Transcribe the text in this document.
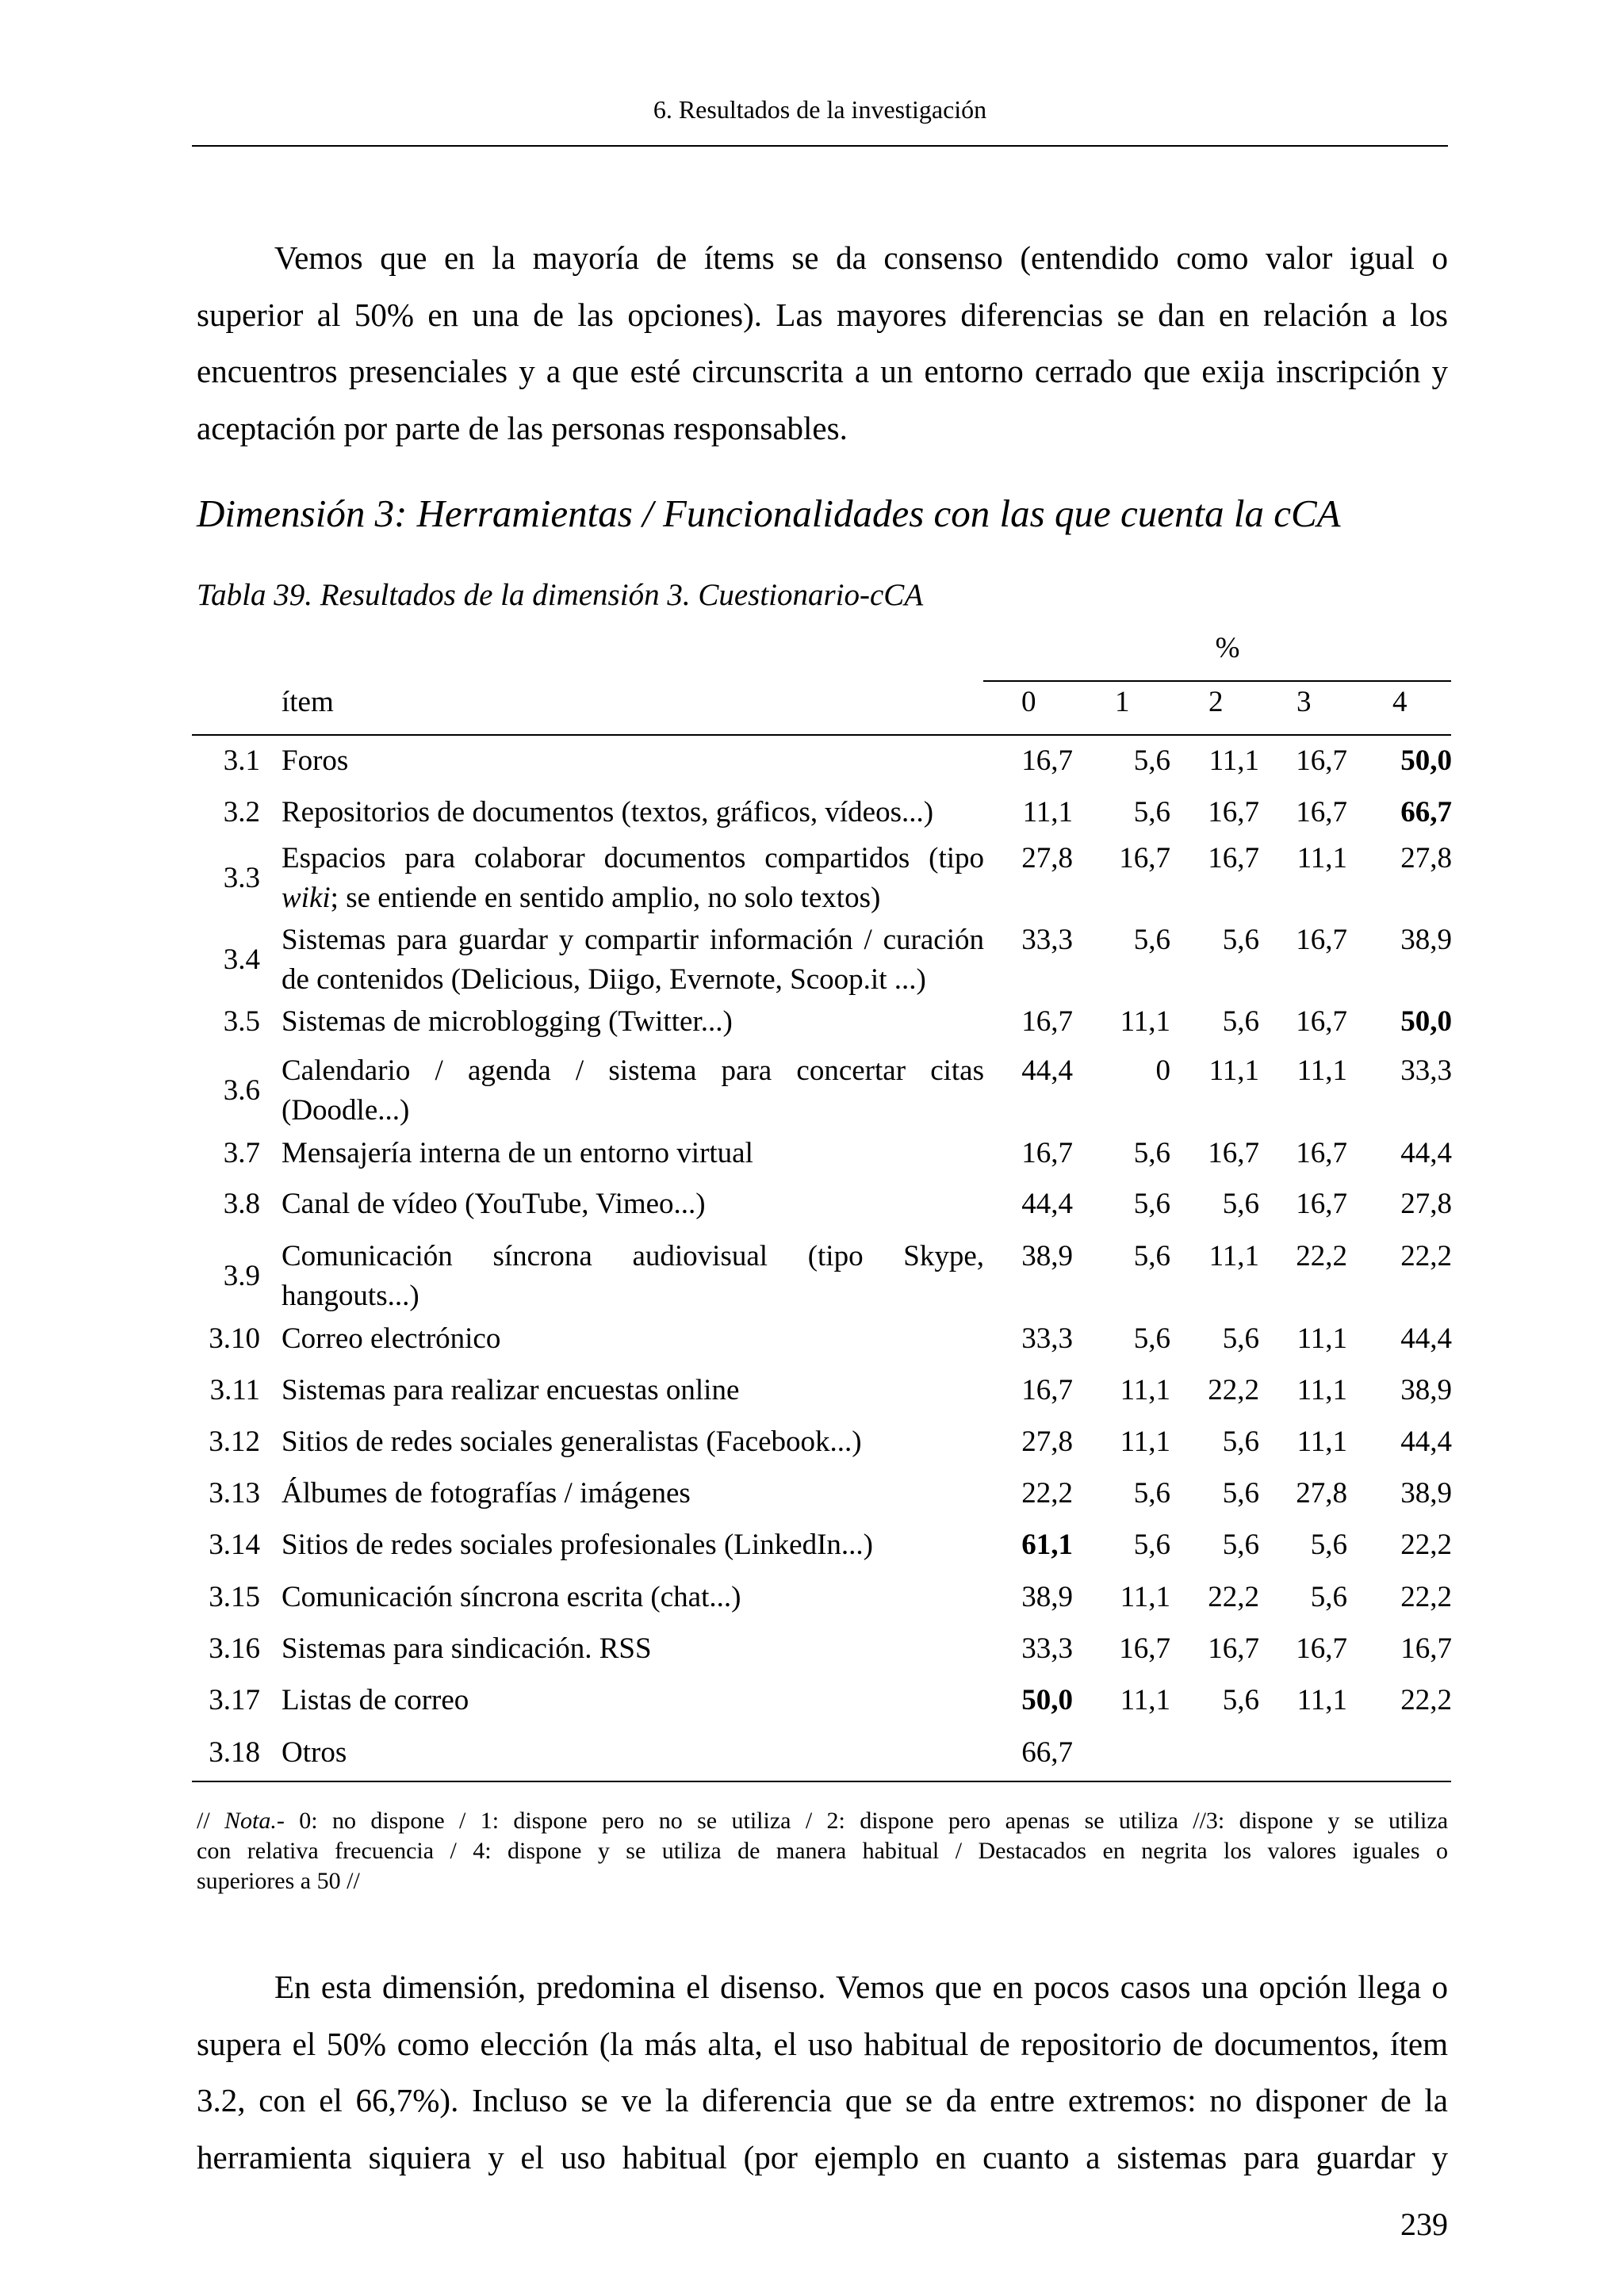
6. Resultados de la investigación
Vemos que en la mayoría de ítems se da consenso (entendido como valor igual o
superior al 50% en una de las opciones). Las mayores diferencias se dan en relación a los
encuentros presenciales y a que esté circunscrita a un entorno cerrado que exija inscripción y
aceptación por parte de las personas responsables.
Dimensión 3: Herramientas / Funcionalidades con las que cuenta la cCA
Tabla 39. Resultados de la dimensión 3. Cuestionario-cCA
%
ítem	0	1	2	3	4
3.1 Foros	16,7	5,6	11,1	16,7	50,0
3.2 Repositorios de documentos (textos, gráficos, vídeos...)	11,1	5,6	16,7	16,7	66,7
3.3
Espacios para colaborar documentos compartidos (tipo
wiki; se entiende en sentido amplio, no solo textos)
27,8	16,7	16,7	11,1	27,8
3.4
Sistemas para guardar y compartir información / curación
de contenidos (Delicious, Diigo, Evernote, Scoop.it ...)
33,3	5,6	5,6	16,7	38,9
3.5 Sistemas de microblogging (Twitter...)	16,7	11,1	5,6	16,7	50,0
3.6
Calendario / agenda / sistema para concertar citas
(Doodle...)
44,4	0	11,1	11,1	33,3
3.7 Mensajería interna de un entorno virtual	16,7	5,6	16,7	16,7	44,4
3.8 Canal de vídeo (YouTube, Vimeo...)	44,4	5,6	5,6	16,7	27,8
3.9
Comunicación síncrona audiovisual (tipo Skype,
hangouts...)
38,9	5,6	11,1	22,2	22,2
3.10 Correo electrónico	33,3	5,6	5,6	11,1	44,4
3.11 Sistemas para realizar encuestas online	16,7	11,1	22,2	11,1	38,9
3.12 Sitios de redes sociales generalistas (Facebook...)	27,8	11,1	5,6	11,1	44,4
3.13 Álbumes de fotografías / imágenes	22,2	5,6	5,6	27,8	38,9
3.14 Sitios de redes sociales profesionales (LinkedIn...)	61,1	5,6	5,6	5,6	22,2
3.15 Comunicación síncrona escrita (chat...)	38,9	11,1	22,2	5,6	22,2
3.16 Sistemas para sindicación. RSS	33,3	16,7	16,7	16,7	16,7
3.17 Listas de correo	50,0	11,1	5,6	11,1	22,2
3.18 Otros	66,7
// Nota.- 0: no dispone / 1: dispone pero no se utiliza / 2: dispone pero apenas se utiliza //3: dispone y se utiliza
con relativa frecuencia / 4: dispone y se utiliza de manera habitual / Destacados en negrita los valores iguales o
superiores a 50 //
En esta dimensión, predomina el disenso. Vemos que en pocos casos una opción llega o
supera el 50% como elección (la más alta, el uso habitual de repositorio de documentos, ítem
3.2, con el 66,7%). Incluso se ve la diferencia que se da entre extremos: no disponer de la
herramienta siquiera y el uso habitual (por ejemplo en cuanto a sistemas para guardar y
239
